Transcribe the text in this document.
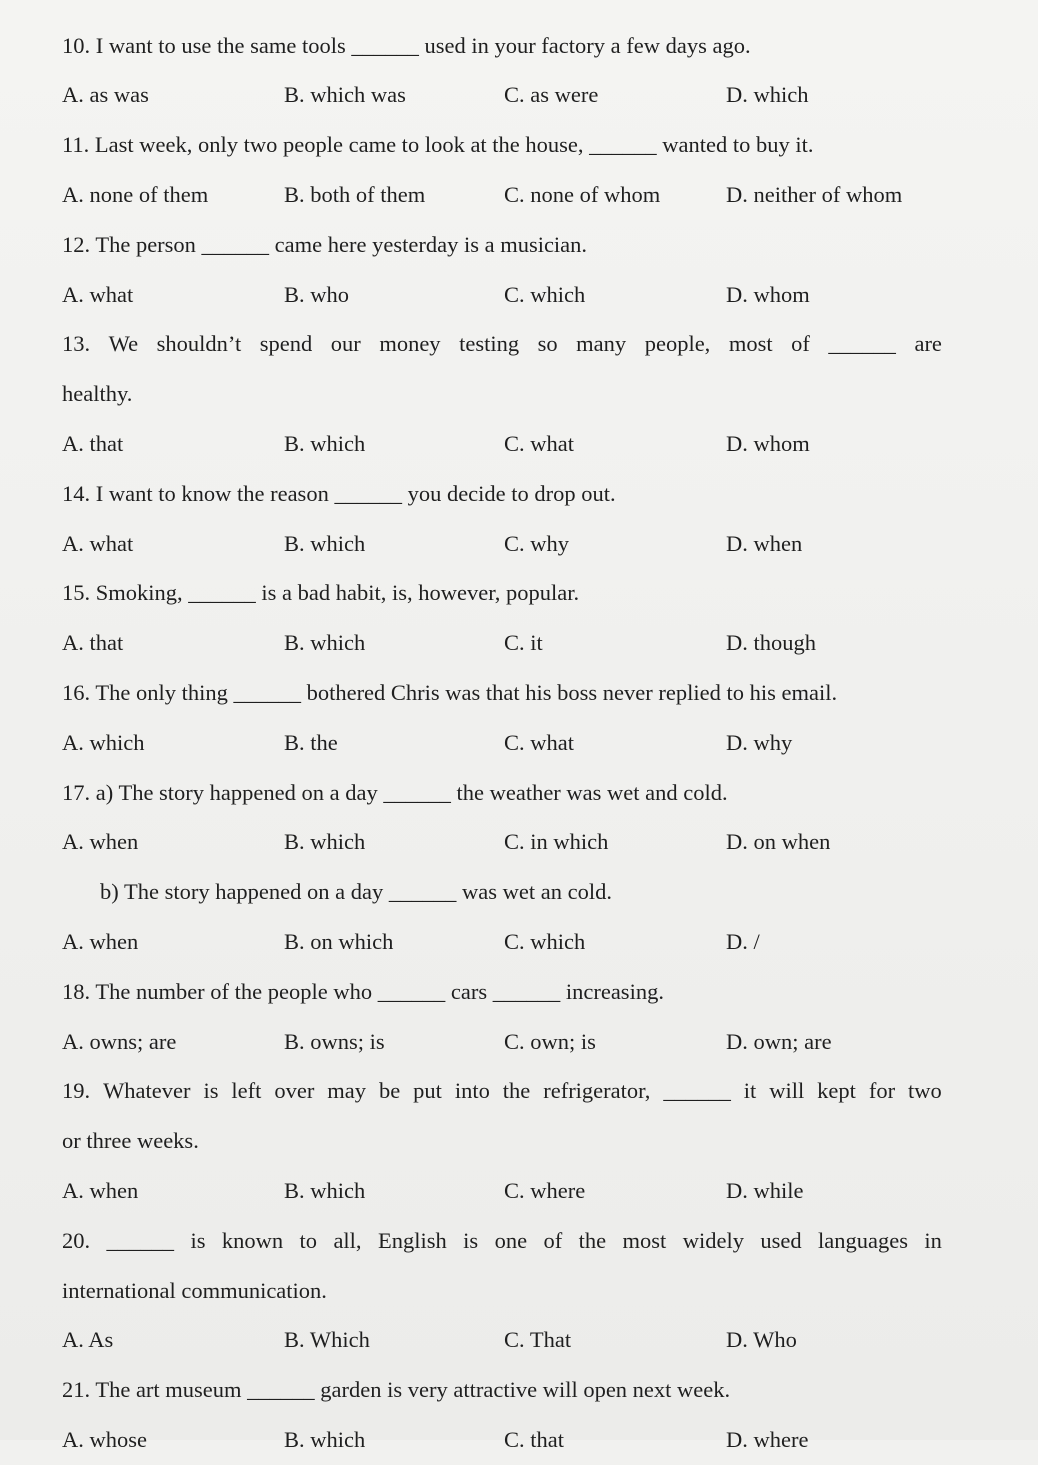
10. I want to use the same tools ______ used in your factory a few days ago.
A. as was	B. which was	C. as were	D. which
11. Last week, only two people came to look at the house, ______ wanted to buy it.
A. none of them	B. both of them	C. none of whom	D. neither of whom
12. The person ______ came here yesterday is a musician.
A. what	B. who	C. which	D. whom
13. We shouldn’t spend our money testing so many people, most of ______ are
healthy.
A. that	B. which	C. what	D. whom
14. I want to know the reason ______ you decide to drop out.
A. what	B. which	C. why	D. when
15. Smoking, ______ is a bad habit, is, however, popular.
A. that	B. which	C. it	D. though
16. The only thing ______ bothered Chris was that his boss never replied to his email.
A. which	B. the	C. what	D. why
17. a) The story happened on a day ______ the weather was wet and cold.
A. when	B. which	C. in which	D. on when
b) The story happened on a day ______ was wet an cold.
A. when	B. on which	C. which	D. /
18. The number of the people who ______ cars ______ increasing.
A. owns; are	B. owns; is	C. own; is	D. own; are
19. Whatever is left over may be put into the refrigerator, ______ it will kept for two
or three weeks.
A. when	B. which	C. where	D. while
20. ______ is known to all, English is one of the most widely used languages in
international communication.
A. As	B. Which	C. That	D. Who
21. The art museum ______ garden is very attractive will open next week.
A. whose	B. which	C. that	D. where
